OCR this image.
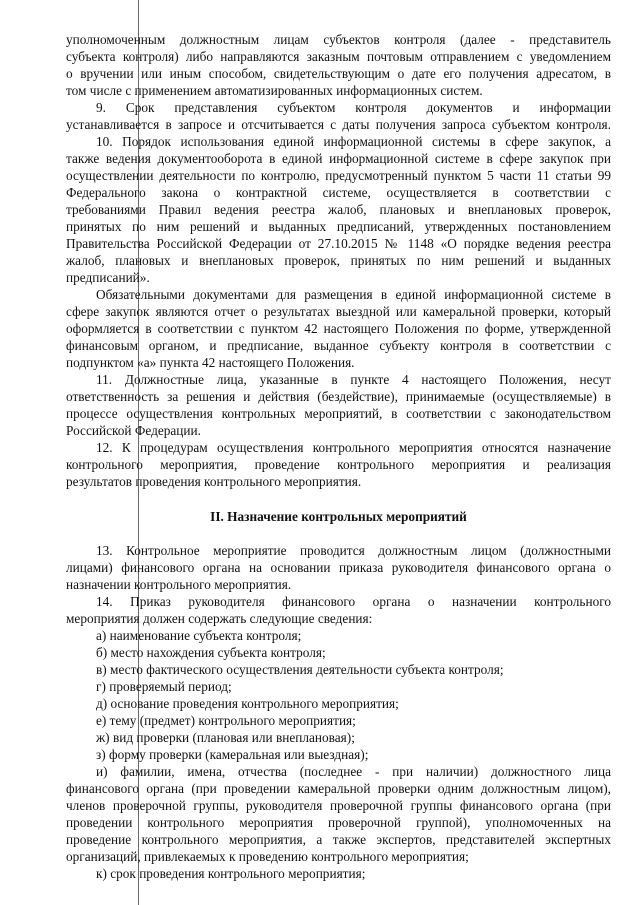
уполномоченным должностным лицам субъектов контроля (далее - представитель
субъекта контроля) либо направляются заказным почтовым отправлением с уведомлением
о вручении или иным способом, свидетельствующим о дате его получения адресатом, в
том числе с применением автоматизированных информационных систем.
9. Срок представления субъектом контроля документов и информации
устанавливается в запросе и отсчитывается с даты получения запроса субъектом контроля.
10. Порядок использования единой информационной системы в сфере закупок, а
также ведения документооборота в единой информационной системе в сфере закупок при
осуществлении деятельности по контролю, предусмотренный пунктом 5 части 11 статьи 99
Федерального закона о контрактной системе, осуществляется в соответствии с
требованиями Правил ведения реестра жалоб, плановых и внеплановых проверок,
принятых по ним решений и выданных предписаний, утвержденных постановлением
Правительства Российской Федерации от 27.10.2015 № 1148 «О порядке ведения реестра
жалоб, плановых и внеплановых проверок, принятых по ним решений и выданных
предписаний».
Обязательными документами для размещения в единой информационной системе в
сфере закупок являются отчет о результатах выездной или камеральной проверки, который
оформляется в соответствии с пунктом 42 настоящего Положения по форме, утвержденной
финансовым органом, и предписание, выданное субъекту контроля в соответствии с
подпунктом «а» пункта 42 настоящего Положения.
11. Должностные лица, указанные в пункте 4 настоящего Положения, несут
ответственность за решения и действия (бездействие), принимаемые (осуществляемые) в
процессе осуществления контрольных мероприятий, в соответствии с законодательством
Российской Федерации.
12. К процедурам осуществления контрольного мероприятия относятся назначение
контрольного мероприятия, проведение контрольного мероприятия и реализация
результатов проведения контрольного мероприятия.
II. Назначение контрольных мероприятий
13. Контрольное мероприятие проводится должностным лицом (должностными
лицами) финансового органа на основании приказа руководителя финансового органа о
назначении контрольного мероприятия.
14. Приказ руководителя финансового органа о назначении контрольного
мероприятия должен содержать следующие сведения:
а) наименование субъекта контроля;
б) место нахождения субъекта контроля;
в) место фактического осуществления деятельности субъекта контроля;
г) проверяемый период;
д) основание проведения контрольного мероприятия;
е) тему (предмет) контрольного мероприятия;
ж) вид проверки (плановая или внеплановая);
з) форму проверки (камеральная или выездная);
и) фамилии, имена, отчества (последнее - при наличии) должностного лица
финансового органа (при проведении камеральной проверки одним должностным лицом),
членов проверочной группы, руководителя проверочной группы финансового органа (при
проведении контрольного мероприятия проверочной группой), уполномоченных на
проведение контрольного мероприятия, а также экспертов, представителей экспертных
организаций, привлекаемых к проведению контрольного мероприятия;
к) срок проведения контрольного мероприятия;
